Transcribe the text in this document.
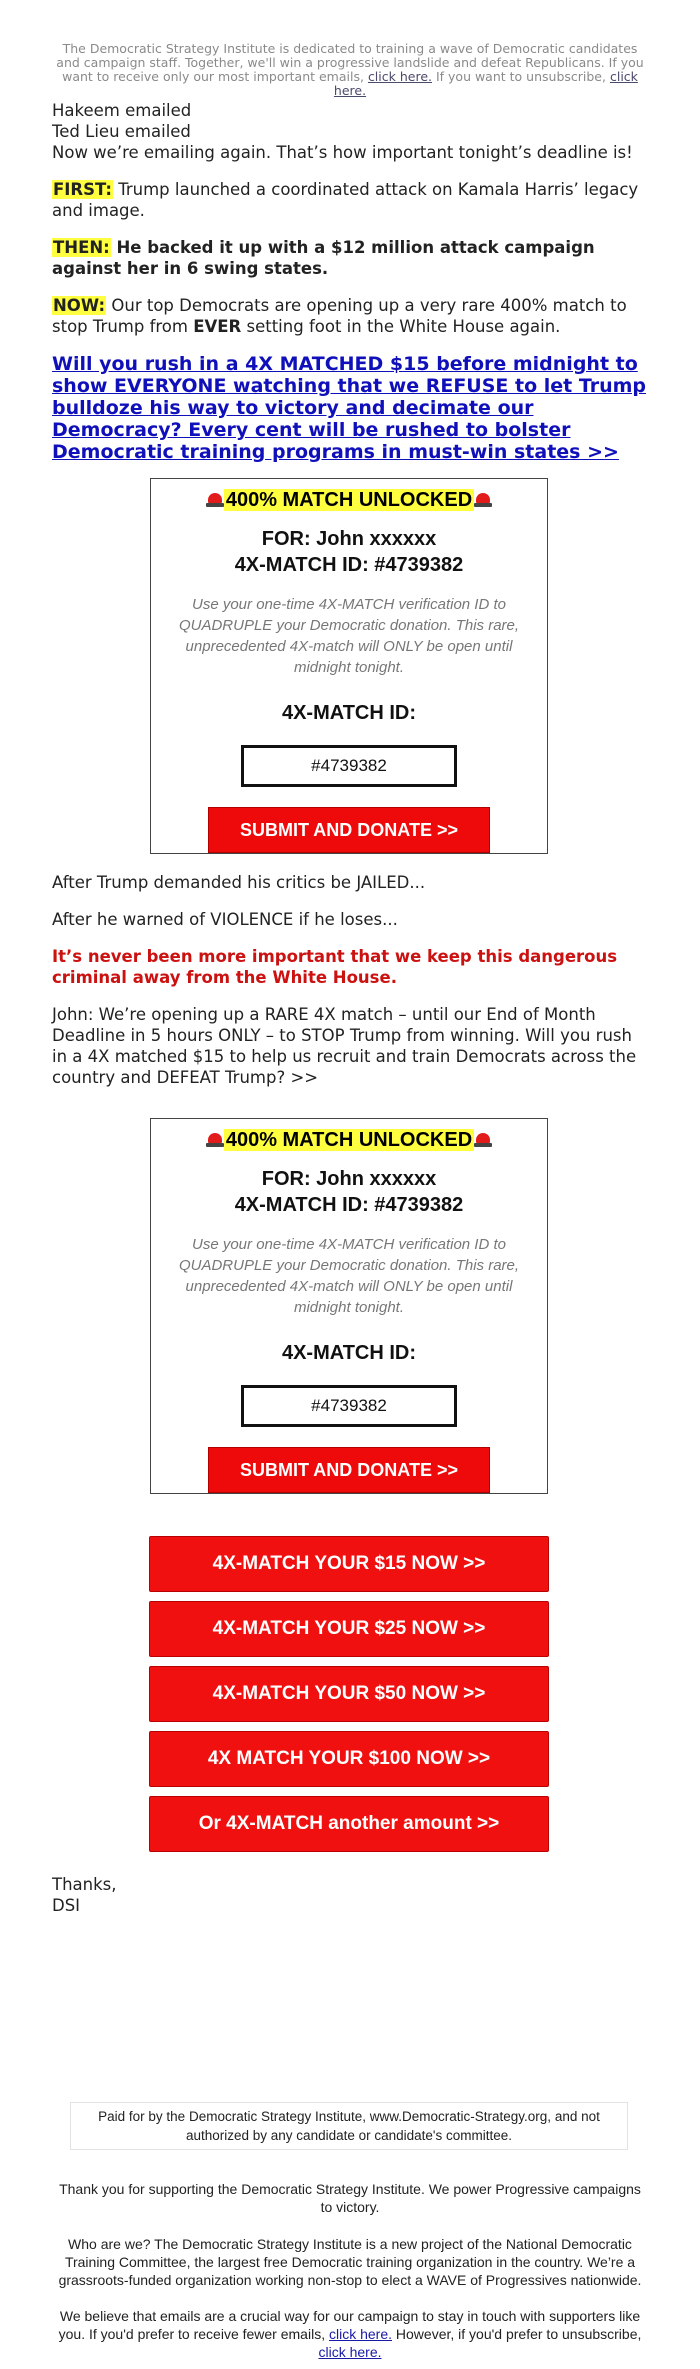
The Democratic Strategy Institute is dedicated to training a wave of Democratic candidates and campaign staff. Together, we'll win a progressive landslide and defeat Republicans. If you want to receive only our most important emails, click here. If you want to unsubscribe, click here.

Hakeem emailed
Ted Lieu emailed
Now we’re emailing again. That’s how important tonight’s deadline is!

FIRST: Trump launched a coordinated attack on Kamala Harris’ legacy and image.

THEN: He backed it up with a $12 million attack campaign against her in 6 swing states.

NOW: Our top Democrats are opening up a very rare 400% match to stop Trump from EVER setting foot in the White House again.

Will you rush in a 4X MATCHED $15 before midnight to show EVERYONE watching that we REFUSE to let Trump bulldoze his way to victory and decimate our Democracy? Every cent will be rushed to bolster Democratic training programs in must-win states >>
400% MATCH UNLOCKED
FOR: John xxxxxx
4X-MATCH ID: #4739382
Use your one-time 4X-MATCH verification ID to QUADRUPLE your Democratic donation. This rare, unprecedented 4X-match will ONLY be open until midnight tonight.
4X-MATCH ID:
#4739382
SUBMIT AND DONATE >>

After Trump demanded his critics be JAILED...

After he warned of VIOLENCE if he loses...

It’s never been more important that we keep this dangerous criminal away from the White House.

John: We’re opening up a RARE 4X match – until our End of Month Deadline in 5 hours ONLY – to STOP Trump from winning. Will you rush in a 4X matched $15 to help us recruit and train Democrats across the country and DEFEAT Trump? >>

400% MATCH UNLOCKED
FOR: John xxxxxx
4X-MATCH ID: #4739382
Use your one-time 4X-MATCH verification ID to QUADRUPLE your Democratic donation. This rare, unprecedented 4X-match will ONLY be open until midnight tonight.
4X-MATCH ID:
#4739382
SUBMIT AND DONATE >>
4X-MATCH YOUR $15 NOW >>
4X-MATCH YOUR $25 NOW >>
4X-MATCH YOUR $50 NOW >>
4X MATCH YOUR $100 NOW >>
Or 4X-MATCH another amount >>
Thanks,
DSI
Paid for by the Democratic Strategy Institute, www.Democratic-Strategy.org, and not authorized by any candidate or candidate's committee.
Thank you for supporting the Democratic Strategy Institute. We power Progressive campaigns to victory.
Who are we? The Democratic Strategy Institute is a new project of the National Democratic Training Committee, the largest free Democratic training organization in the country. We’re a grassroots-funded organization working non-stop to elect a WAVE of Progressives nationwide.
We believe that emails are a crucial way for our campaign to stay in touch with supporters like you. If you'd prefer to receive fewer emails, click here. However, if you'd prefer to unsubscribe, click here.
